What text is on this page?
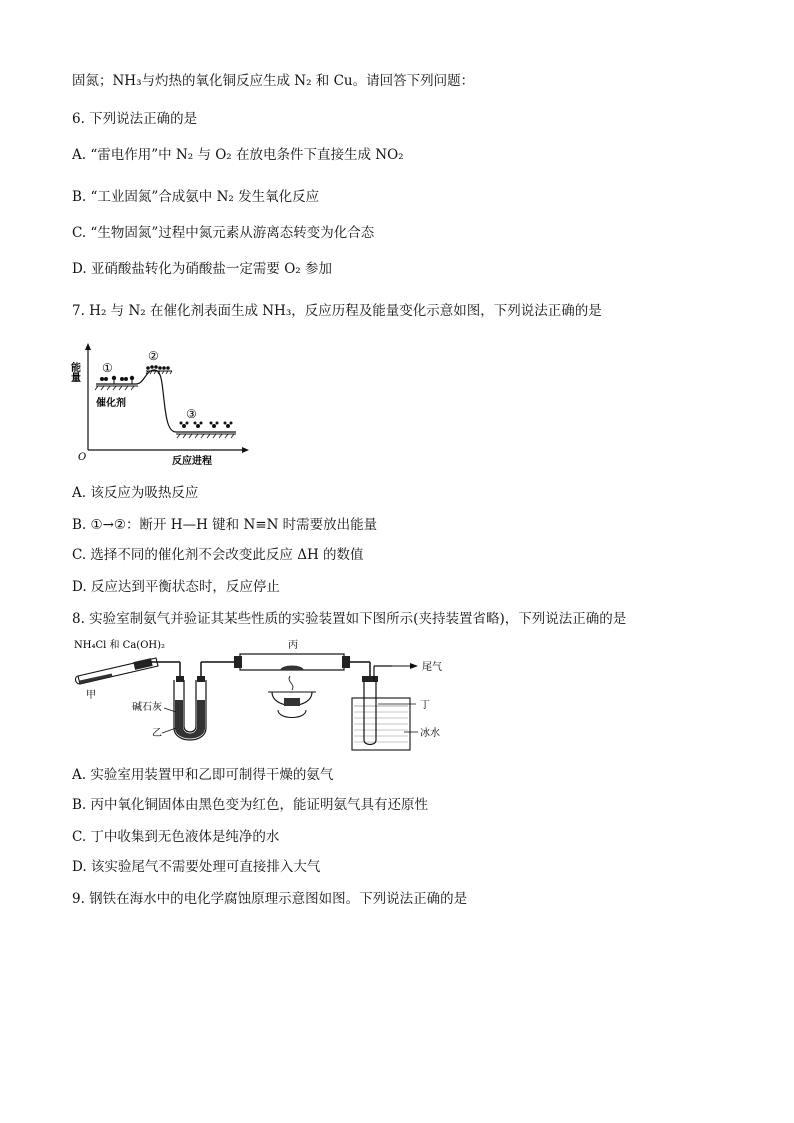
固氮；NH₃与灼热的氧化铜反应生成 N₂ 和 Cu。请回答下列问题：
6. 下列说法正确的是
A. “雷电作用”中 N₂ 与 O₂ 在放电条件下直接生成 NO₂
B. “工业固氮”合成氨中 N₂ 发生氧化反应
C. “生物固氮”过程中氮元素从游离态转变为化合态
D. 亚硝酸盐转化为硝酸盐一定需要 O₂ 参加
7. H₂ 与 N₂ 在催化剂表面生成 NH₃，反应历程及能量变化示意如图，下列说法正确的是
能量
O	反应进程
①
②
③
催化剂
A. 该反应为吸热反应
B. ①→②：断开 H—H 键和 N≡N 时需要放出能量
C. 选择不同的催化剂不会改变此反应 ΔH 的数值
D. 反应达到平衡状态时，反应停止
8. 实验室制氨气并验证其某些性质的实验装置如下图所示(夹持装置省略)，下列说法正确的是
NH₄Cl 和 Ca(OH)₂
甲
碱石灰
乙
丙
尾气
丁
冰水
A. 实验室用装置甲和乙即可制得干燥的氨气
B. 丙中氧化铜固体由黑色变为红色，能证明氨气具有还原性
C. 丁中收集到无色液体是纯净的水
D. 该实验尾气不需要处理可直接排入大气
9. 钢铁在海水中的电化学腐蚀原理示意图如图。下列说法正确的是
